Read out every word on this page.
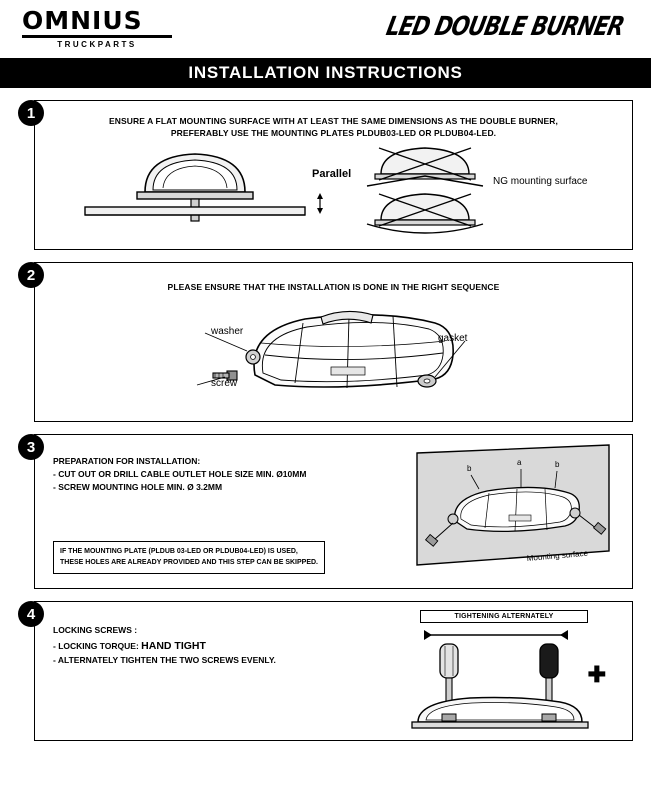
OMNIUS
TRUCKPARTS
LED DOUBLE BURNER
INSTALLATION INSTRUCTIONS
1	ENSURE A FLAT MOUNTING SURFACE WITH AT LEAST THE SAME DIMENSIONS AS THE DOUBLE BURNER,
PREFERABLY USE THE MOUNTING PLATES PLDUB03-LED OR PLDUB04-LED.
Parallel
NG mounting surface
2
PLEASE ENSURE THAT THE INSTALLATION IS DONE IN THE RIGHT SEQUENCE
washer
screw
gasket
3
PREPARATION FOR INSTALLATION:
- CUT OUT OR DRILL CABLE OUTLET HOLE SIZE MIN. Ø10MM
- SCREW MOUNTING HOLE MIN. Ø 3.2MM
IF THE MOUNTING PLATE (PLDUB 03-LED OR PLDUB04-LED) IS USED,
THESE HOLES ARE ALREADY PROVIDED AND THIS STEP CAN BE SKIPPED.
b
a	b
Mounting surface
4
LOCKING SCREWS :
- LOCKING TORQUE: HAND TIGHT
- ALTERNATELY TIGHTEN THE TWO SCREWS EVENLY.
TIGHTENING ALTERNATELY
✚
